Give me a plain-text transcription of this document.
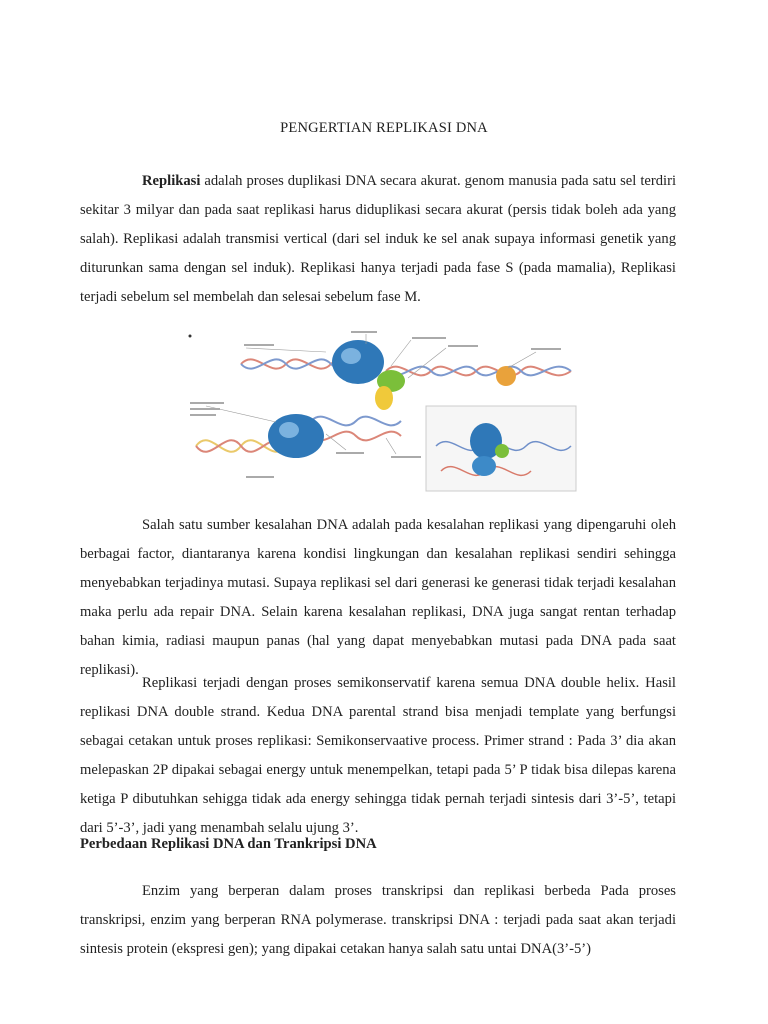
PENGERTIAN REPLIKASI DNA

Replikasi adalah proses duplikasi DNA secara akurat. genom manusia pada satu sel terdiri sekitar 3 milyar dan pada saat replikasi harus diduplikasi secara akurat (persis tidak boleh ada yang salah). Replikasi adalah transmisi vertical (dari sel induk ke sel anak supaya informasi genetik yang diturunkan sama dengan sel induk). Replikasi hanya terjadi pada fase S (pada mamalia), Replikasi terjadi sebelum sel membelah dan selesai sebelum fase M.

Salah satu sumber kesalahan DNA adalah pada kesalahan replikasi yang dipengaruhi oleh berbagai factor, diantaranya karena kondisi lingkungan dan kesalahan replikasi sendiri sehingga menyebabkan terjadinya mutasi. Supaya replikasi sel dari generasi ke generasi tidak terjadi kesalahan maka perlu ada repair DNA. Selain karena kesalahan replikasi, DNA juga sangat rentan terhadap bahan kimia, radiasi maupun panas (hal yang dapat menyebabkan mutasi pada DNA pada saat replikasi).

Replikasi terjadi dengan proses semikonservatif karena semua DNA double helix. Hasil replikasi DNA double strand. Kedua DNA parental strand bisa menjadi template yang berfungsi sebagai cetakan untuk proses replikasi: Semikonservaative process. Primer strand : Pada 3’ dia akan melepaskan 2P dipakai sebagai energy untuk menempelkan, tetapi pada 5’ P tidak bisa dilepas karena ketiga P dibutuhkan sehigga tidak ada energy sehingga tidak pernah terjadi sintesis dari 3’-5’, tetapi dari 5’-3’, jadi yang menambah selalu ujung 3’.

Perbedaan Replikasi DNA dan Trankripsi DNA

Enzim yang berperan dalam proses transkripsi dan replikasi berbeda Pada proses transkripsi, enzim yang berperan RNA polymerase. transkripsi DNA : terjadi pada saat akan terjadi sintesis protein (ekspresi gen); yang dipakai cetakan hanya salah satu untai DNA(3’-5’)
